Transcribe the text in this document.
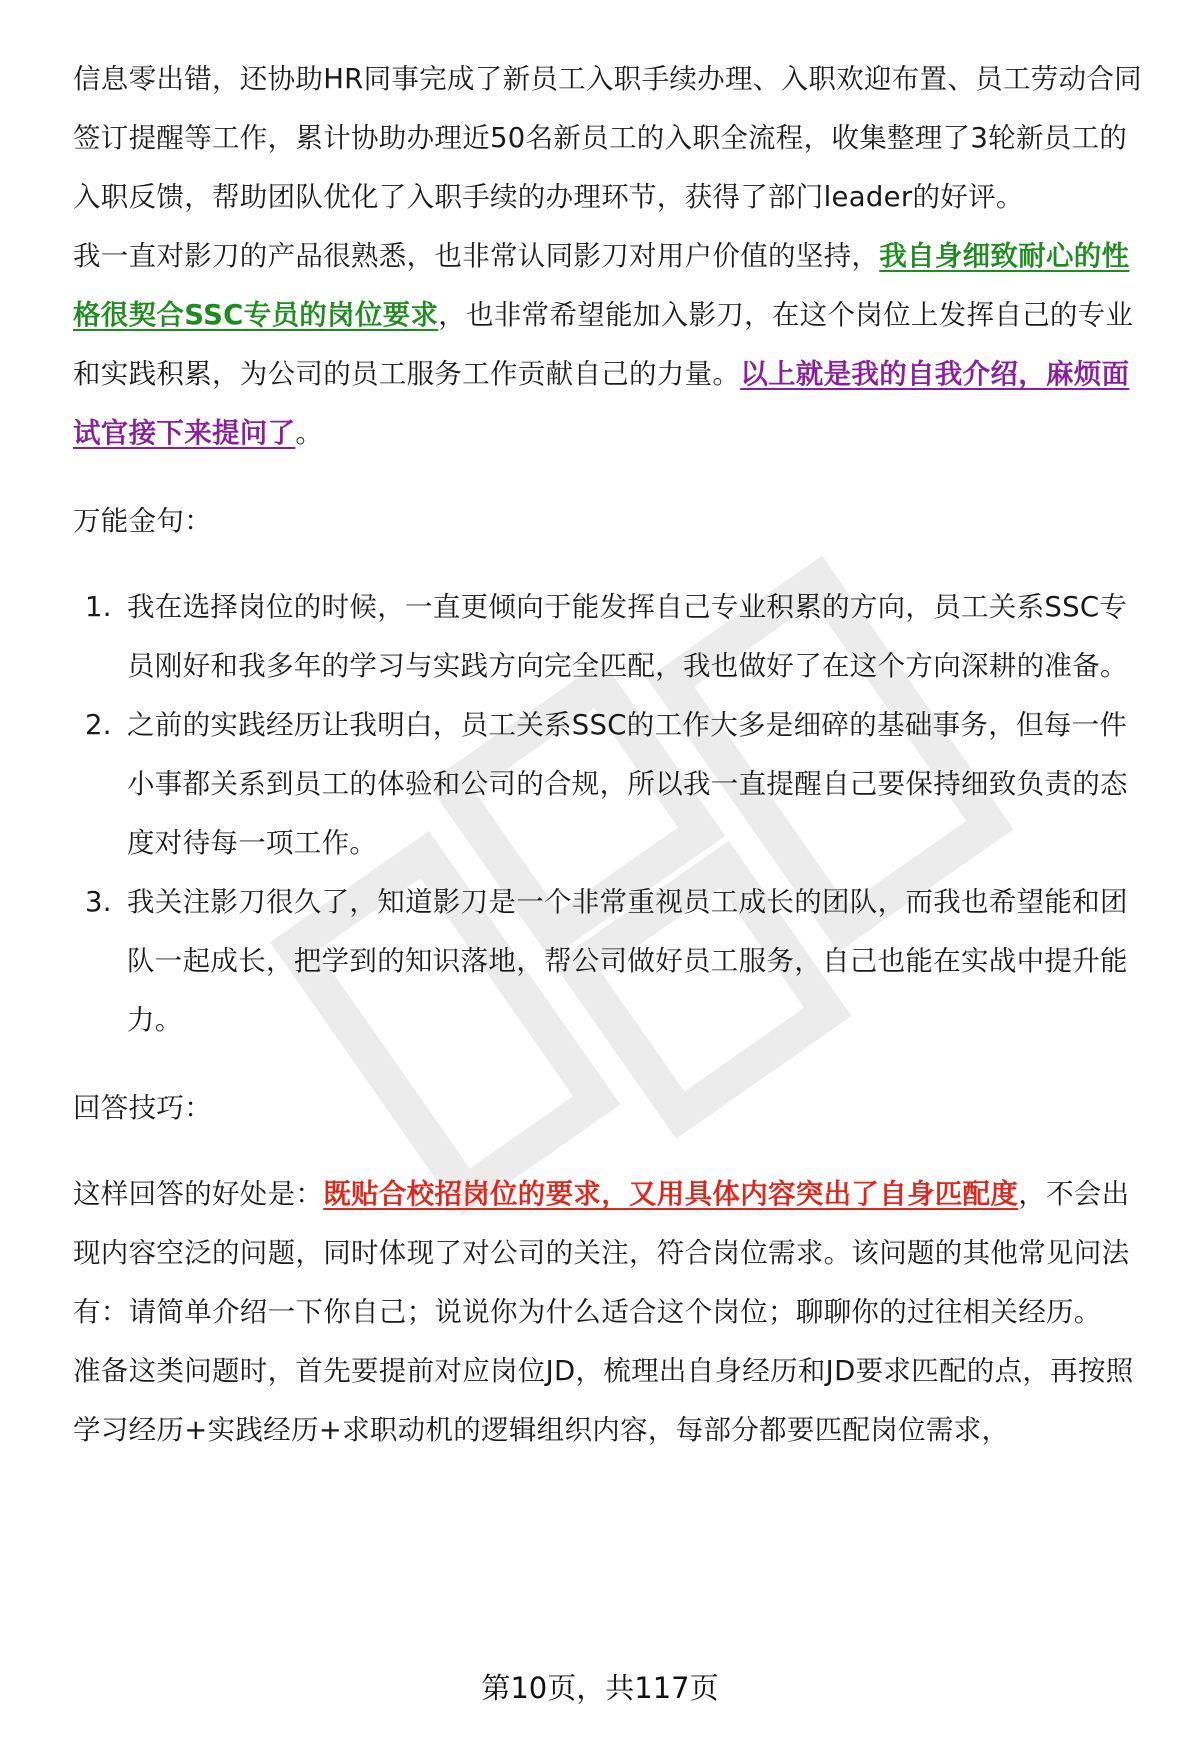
信息零出错，还协助HR同事完成了新员工入职手续办理、入职欢迎布置、员工劳动合同签订提醒等工作，累计协助办理近50名新员工的入职全流程，收集整理了3轮新员工的入职反馈，帮助团队优化了入职手续的办理环节，获得了部门leader的好评。

我一直对影刀的产品很熟悉，也非常认同影刀对用户价值的坚持，我自身细致耐心的性格很契合SSC专员的岗位要求，也非常希望能加入影刀，在这个岗位上发挥自己的专业和实践积累，为公司的员工服务工作贡献自己的力量。以上就是我的自我介绍，麻烦面试官接下来提问了。

万能金句：

1. 我在选择岗位的时候，一直更倾向于能发挥自己专业积累的方向，员工关系SSC专员刚好和我多年的学习与实践方向完全匹配，我也做好了在这个方向深耕的准备。
2. 之前的实践经历让我明白，员工关系SSC的工作大多是细碎的基础事务，但每一件小事都关系到员工的体验和公司的合规，所以我一直提醒自己要保持细致负责的态度对待每一项工作。
3. 我关注影刀很久了，知道影刀是一个非常重视员工成长的团队，而我也希望能和团队一起成长，把学到的知识落地，帮公司做好员工服务，自己也能在实战中提升能力。

回答技巧：

这样回答的好处是：既贴合校招岗位的要求，又用具体内容突出了自身匹配度，不会出现内容空泛的问题，同时体现了对公司的关注，符合岗位需求。该问题的其他常见问法有：请简单介绍一下你自己；说说你为什么适合这个岗位；聊聊你的过往相关经历。

准备这类问题时，首先要提前对应岗位JD，梳理出自身经历和JD要求匹配的点，再按照学习经历+实践经历+求职动机的逻辑组织内容，每部分都要匹配岗位需求，

第10页，共117页
